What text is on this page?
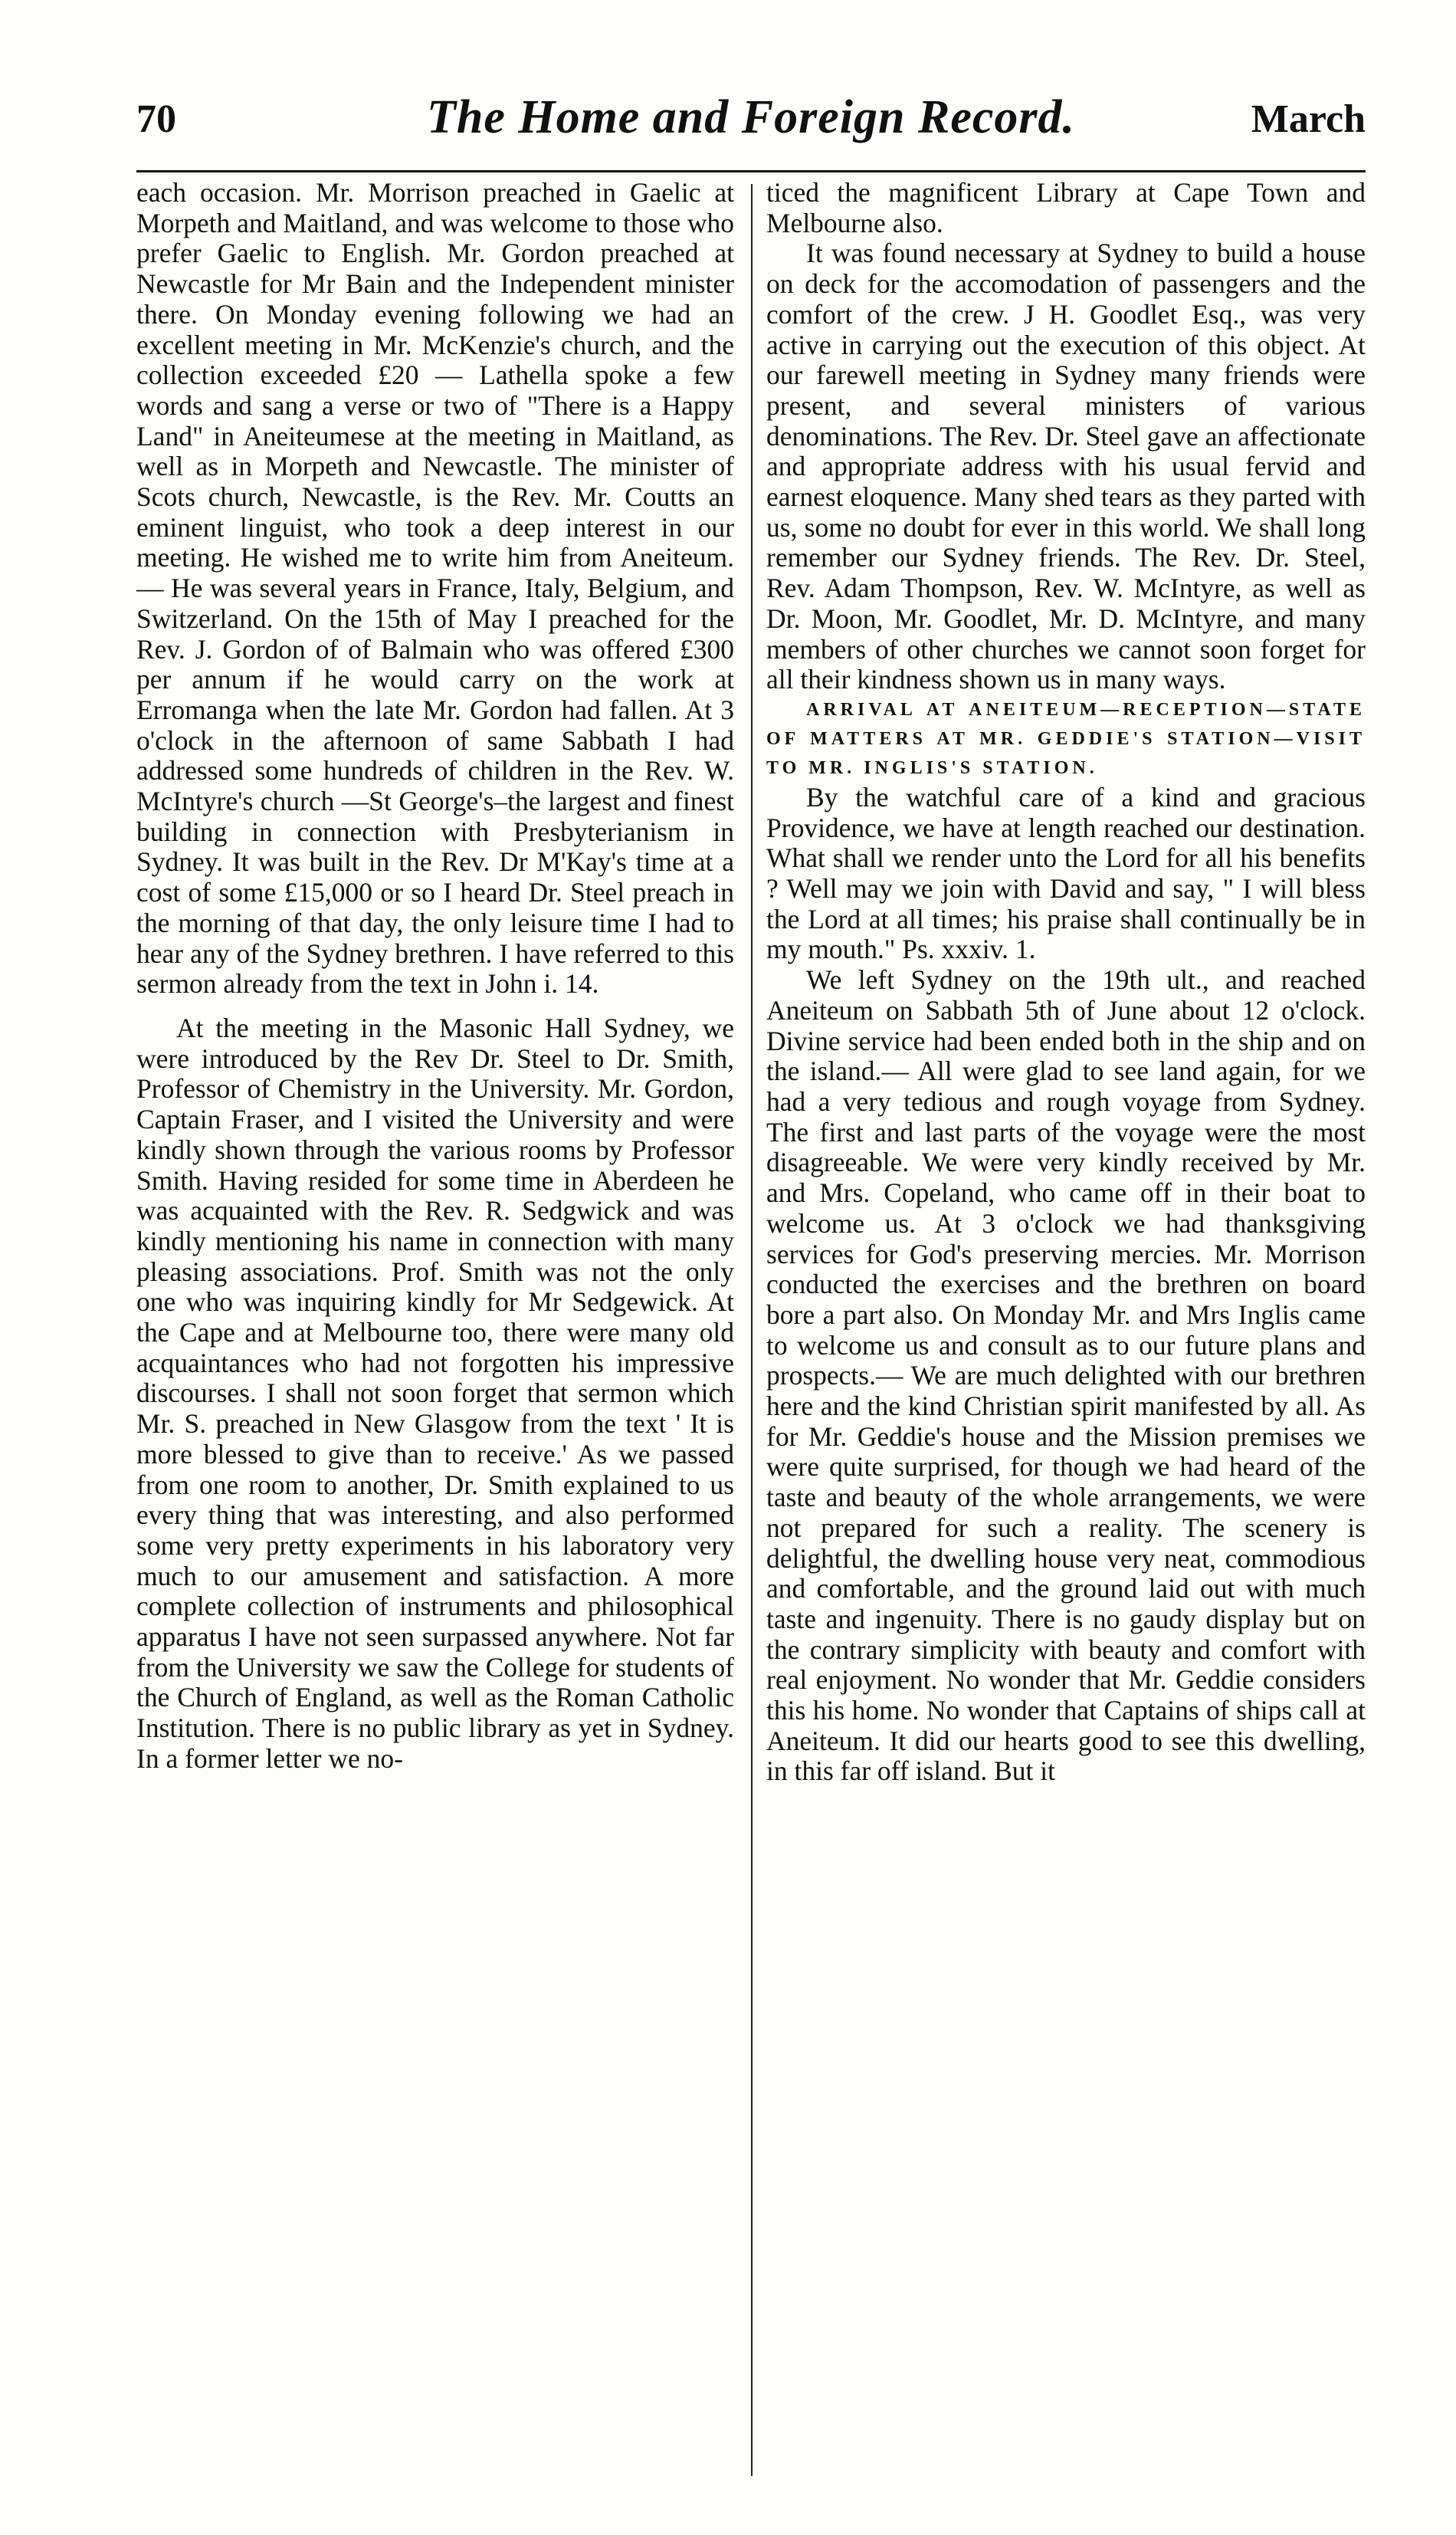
70	The Home and Foreign Record.	March

each occasion. Mr. Morrison preached in Gaelic at Morpeth and Maitland, and was welcome to those who prefer Gaelic to English. Mr. Gordon preached at Newcastle for Mr Bain and the Independent minister there. On Monday evening following we had an excellent meeting in Mr. McKenzie's church, and the collection exceeded £20 — Lathella spoke a few words and sang a verse or two of "There is a Happy Land" in Aneiteumese at the meeting in Maitland, as well as in Morpeth and Newcastle. The minister of Scots church, Newcastle, is the Rev. Mr. Coutts an eminent linguist, who took a deep interest in our meeting. He wished me to write him from Aneiteum.— He was several years in France, Italy, Belgium, and Switzerland. On the 15th of May I preached for the Rev. J. Gordon of of Balmain who was offered £300 per annum if he would carry on the work at Erromanga when the late Mr. Gordon had fallen. At 3 o'clock in the afternoon of same Sabbath I had addressed some hundreds of children in the Rev. W. McIntyre's church —St George's–the largest and finest building in connection with Presbyterianism in Sydney. It was built in the Rev. Dr M'Kay's time at a cost of some £15,000 or so I heard Dr. Steel preach in the morning of that day, the only leisure time I had to hear any of the Sydney brethren. I have referred to this sermon already from the text in John i. 14.

At the meeting in the Masonic Hall Sydney, we were introduced by the Rev Dr. Steel to Dr. Smith, Professor of Chemistry in the University. Mr. Gordon, Captain Fraser, and I visited the University and were kindly shown through the various rooms by Professor Smith. Having resided for some time in Aberdeen he was acquainted with the Rev. R. Sedgwick and was kindly mentioning his name in connection with many pleasing associations. Prof. Smith was not the only one who was inquiring kindly for Mr Sedgewick. At the Cape and at Melbourne too, there were many old acquaintances who had not forgotten his impressive discourses. I shall not soon forget that sermon which Mr. S. preached in New Glasgow from the text ' It is more blessed to give than to receive.' As we passed from one room to another, Dr. Smith explained to us every thing that was interesting, and also performed some very pretty experiments in his laboratory very much to our amusement and satisfaction. A more complete collection of instruments and philosophical apparatus I have not seen surpassed anywhere. Not far from the University we saw the College for students of the Church of England, as well as the Roman Catholic Institution. There is no public library as yet in Sydney. In a former letter we no-

ticed the magnificent Library at Cape Town and Melbourne also.

It was found necessary at Sydney to build a house on deck for the accomodation of passengers and the comfort of the crew. J H. Goodlet Esq., was very active in carrying out the execution of this object. At our farewell meeting in Sydney many friends were present, and several ministers of various denominations. The Rev. Dr. Steel gave an affectionate and appropriate address with his usual fervid and earnest eloquence. Many shed tears as they parted with us, some no doubt for ever in this world. We shall long remember our Sydney friends. The Rev. Dr. Steel, Rev. Adam Thompson, Rev. W. McIntyre, as well as Dr. Moon, Mr. Goodlet, Mr. D. McIntyre, and many members of other churches we cannot soon forget for all their kindness shown us in many ways.

ARRIVAL AT ANEITEUM—RECEPTION—STATE OF MATTERS AT MR. GEDDIE'S STATION—VISIT TO MR. INGLIS'S STATION.

By the watchful care of a kind and gracious Providence, we have at length reached our destination. What shall we render unto the Lord for all his benefits ? Well may we join with David and say, " I will bless the Lord at all times; his praise shall continually be in my mouth." Ps. xxxiv. 1.

We left Sydney on the 19th ult., and reached Aneiteum on Sabbath 5th of June about 12 o'clock. Divine service had been ended both in the ship and on the island.— All were glad to see land again, for we had a very tedious and rough voyage from Sydney. The first and last parts of the voyage were the most disagreeable. We were very kindly received by Mr. and Mrs. Copeland, who came off in their boat to welcome us. At 3 o'clock we had thanksgiving services for God's preserving mercies. Mr. Morrison conducted the exercises and the brethren on board bore a part also. On Monday Mr. and Mrs Inglis came to welcome us and consult as to our future plans and prospects.— We are much delighted with our brethren here and the kind Christian spirit manifested by all. As for Mr. Geddie's house and the Mission premises we were quite surprised, for though we had heard of the taste and beauty of the whole arrangements, we were not prepared for such a reality. The scenery is delightful, the dwelling house very neat, commodious and comfortable, and the ground laid out with much taste and ingenuity. There is no gaudy display but on the contrary simplicity with beauty and comfort with real enjoyment. No wonder that Mr. Geddie considers this his home. No wonder that Captains of ships call at Aneiteum. It did our hearts good to see this dwelling, in this far off island. But it
